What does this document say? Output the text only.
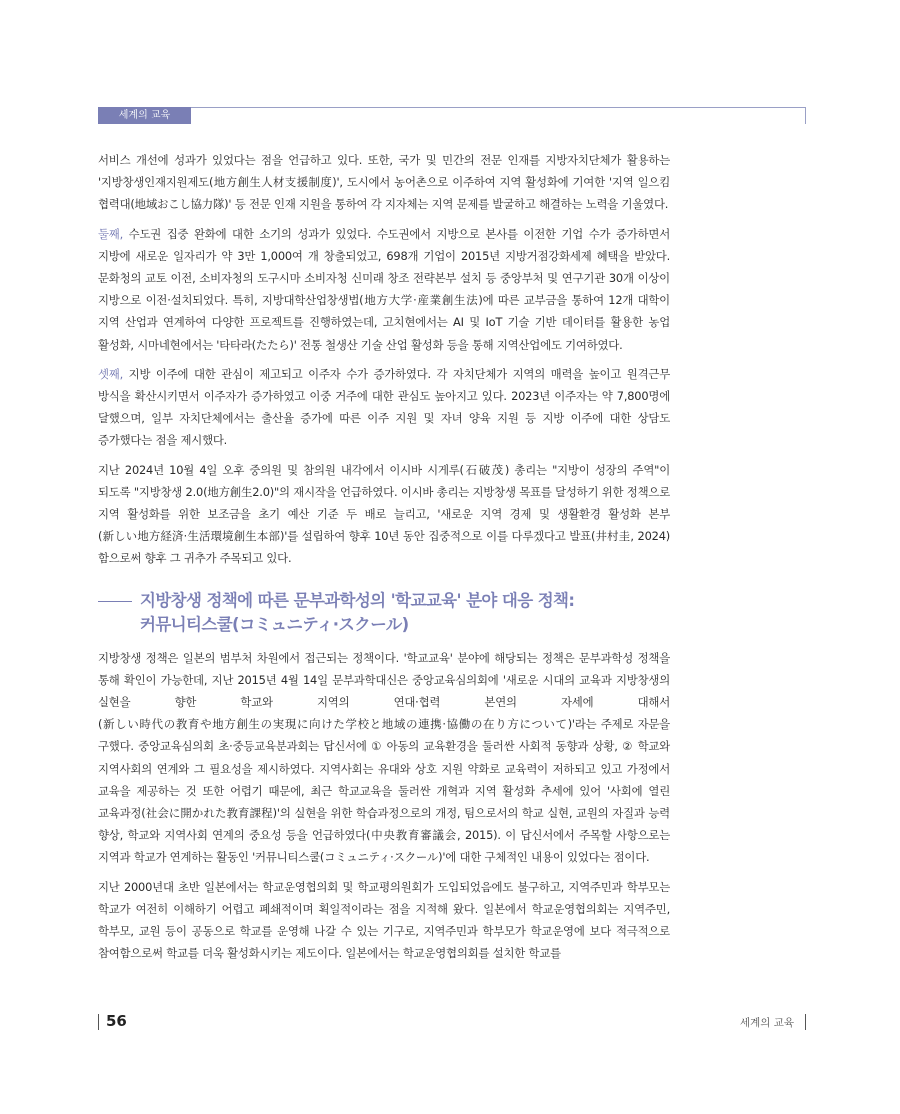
세계의 교육

서비스 개선에 성과가 있었다는 점을 언급하고 있다. 또한, 국가 및 민간의 전문 인재를 지방자치단체가 활용하는 '지방창생인재지원제도(地方創生人材支援制度)', 도시에서 농어촌으로 이주하여 지역 활성화에 기여한 '지역 일으킴 협력대(地域おこし協力隊)' 등 전문 인재 지원을 통하여 각 지자체는 지역 문제를 발굴하고 해결하는 노력을 기울였다.

둘째, 수도권 집중 완화에 대한 소기의 성과가 있었다. 수도권에서 지방으로 본사를 이전한 기업 수가 증가하면서 지방에 새로운 일자리가 약 3만 1,000여 개 창출되었고, 698개 기업이 2015년 지방거점강화세제 혜택을 받았다. 문화청의 교토 이전, 소비자청의 도구시마 소비자청 신미래 창조 전략본부 설치 등 중앙부처 및 연구기관 30개 이상이 지방으로 이전·설치되었다. 특히, 지방대학산업창생법(地方大学·産業創生法)에 따른 교부금을 통하여 12개 대학이 지역 산업과 연계하여 다양한 프로젝트를 진행하였는데, 고치현에서는 AI 및 IoT 기술 기반 데이터를 활용한 농업 활성화, 시마네현에서는 '타타라(たたら)' 전통 철생산 기술 산업 활성화 등을 통해 지역산업에도 기여하였다.

셋째, 지방 이주에 대한 관심이 제고되고 이주자 수가 증가하였다. 각 자치단체가 지역의 매력을 높이고 원격근무 방식을 확산시키면서 이주자가 증가하였고 이중 거주에 대한 관심도 높아지고 있다. 2023년 이주자는 약 7,800명에 달했으며, 일부 자치단체에서는 출산율 증가에 따른 이주 지원 및 자녀 양육 지원 등 지방 이주에 대한 상담도 증가했다는 점을 제시했다.

지난 2024년 10월 4일 오후 중의원 및 참의원 내각에서 이시바 시게루(石破茂) 총리는 "지방이 성장의 주역"이 되도록 "지방창생 2.0(地方創生2.0)"의 재시작을 언급하였다. 이시바 총리는 지방창생 목표를 달성하기 위한 정책으로 지역 활성화를 위한 보조금을 초기 예산 기준 두 배로 늘리고, '새로운 지역 경제 및 생활환경 활성화 본부(新しい地方経済·生活環境創生本部)'를 설립하여 향후 10년 동안 집중적으로 이를 다루겠다고 발표(井村圭, 2024)함으로써 향후 그 귀추가 주목되고 있다.

지방창생 정책에 따른 문부과학성의 '학교교육' 분야 대응 정책:
커뮤니티스쿨(コミュニティ·スクール)

지방창생 정책은 일본의 범부처 차원에서 접근되는 정책이다. '학교교육' 분야에 해당되는 정책은 문부과학성 정책을 통해 확인이 가능한데, 지난 2015년 4월 14일 문부과학대신은 중앙교육심의회에 '새로운 시대의 교육과 지방창생의 실현을 향한 학교와 지역의 연대·협력 본연의 자세에 대해서(新しい時代の教育や地方創生の実現に向けた学校と地域の連携·協働の在り方について)'라는 주제로 자문을 구했다. 중앙교육심의회 초·중등교육분과회는 답신서에 ① 아동의 교육환경을 둘러싼 사회적 동향과 상황, ② 학교와 지역사회의 연계와 그 필요성을 제시하였다. 지역사회는 유대와 상호 지원 약화로 교육력이 저하되고 있고 가정에서 교육을 제공하는 것 또한 어렵기 때문에, 최근 학교교육을 둘러싼 개혁과 지역 활성화 추세에 있어 '사회에 열린 교육과정(社会に開かれた教育課程)'의 실현을 위한 학습과정으로의 개정, 팀으로서의 학교 실현, 교원의 자질과 능력 향상, 학교와 지역사회 연계의 중요성 등을 언급하였다(中央教育審議会, 2015). 이 답신서에서 주목할 사항으로는 지역과 학교가 연계하는 활동인 '커뮤니티스쿨(コミュニティ·スクール)'에 대한 구체적인 내용이 있었다는 점이다.

지난 2000년대 초반 일본에서는 학교운영협의회 및 학교평의원회가 도입되었음에도 불구하고, 지역주민과 학부모는 학교가 여전히 이해하기 어렵고 폐쇄적이며 획일적이라는 점을 지적해 왔다. 일본에서 학교운영협의회는 지역주민, 학부모, 교원 등이 공동으로 학교를 운영해 나갈 수 있는 기구로, 지역주민과 학부모가 학교운영에 보다 적극적으로 참여함으로써 학교를 더욱 활성화시키는 제도이다. 일본에서는 학교운영협의회를 설치한 학교를

56	세계의 교육
